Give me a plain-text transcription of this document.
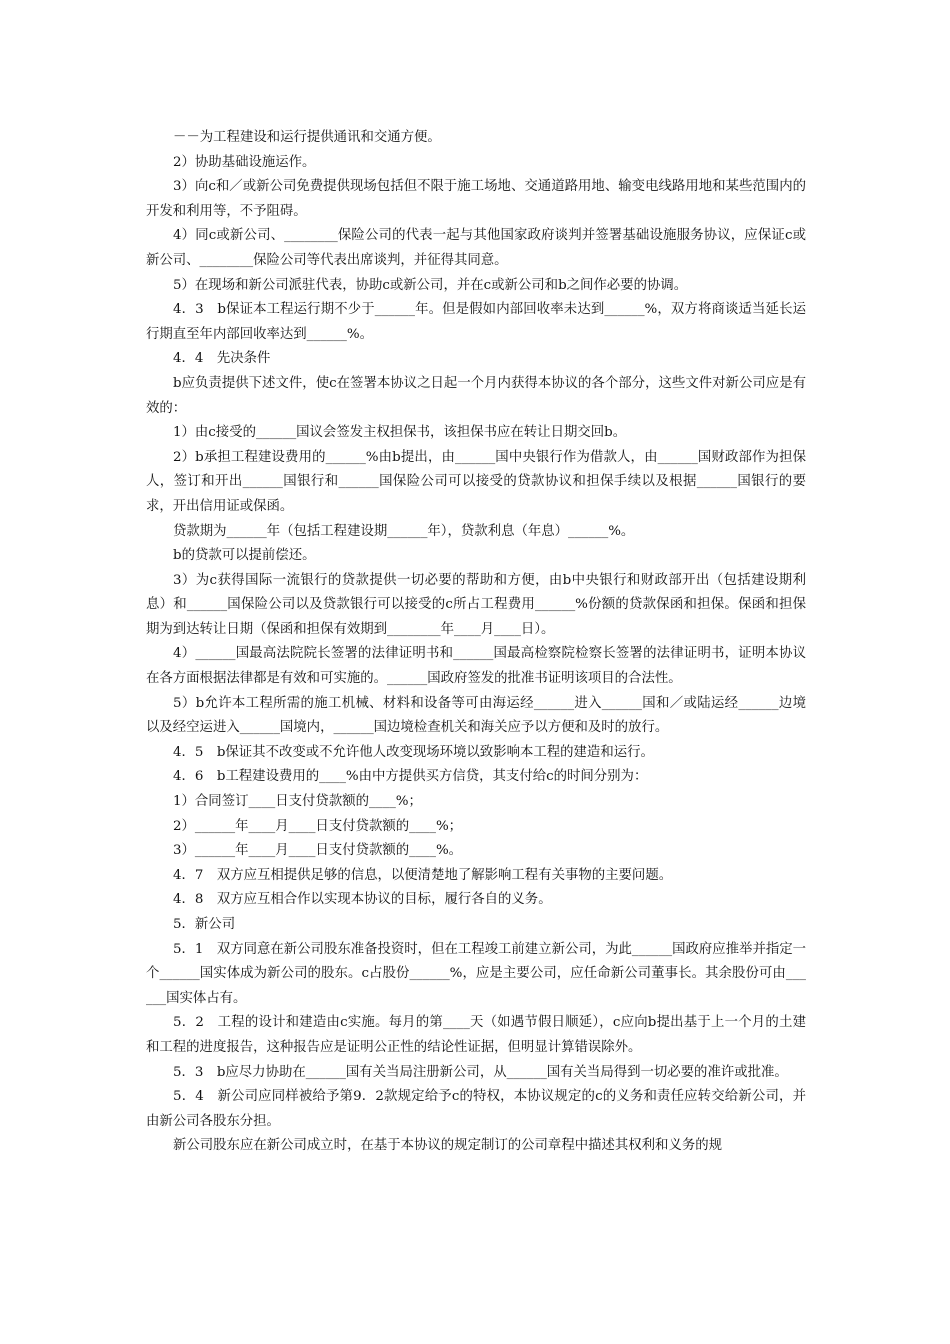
－－为工程建设和运行提供通讯和交通方便。

2）协助基础设施运作。

3）向c和／或新公司免费提供现场包括但不限于施工场地、交通道路用地、输变电线路用地和某些范围内的开发和利用等，不予阻碍。

4）同c或新公司、________保险公司的代表一起与其他国家政府谈判并签署基础设施服务协议，应保证c或新公司、________保险公司等代表出席谈判，并征得其同意。

5）在现场和新公司派驻代表，协助c或新公司，并在c或新公司和b之间作必要的协调。

4．3　b保证本工程运行期不少于______年。但是假如内部回收率未达到______%，双方将商谈适当延长运行期直至年内部回收率达到______%。

4．4　先决条件

b应负责提供下述文件，使c在签署本协议之日起一个月内获得本协议的各个部分，这些文件对新公司应是有效的：

1）由c接受的______国议会签发主权担保书，该担保书应在转让日期交回b。

2）b承担工程建设费用的______%由b提出，由______国中央银行作为借款人，由______国财政部作为担保人，签订和开出______国银行和______国保险公司可以接受的贷款协议和担保手续以及根据______国银行的要求，开出信用证或保函。

贷款期为______年（包括工程建设期______年），贷款利息（年息）______%。

b的贷款可以提前偿还。

3）为c获得国际一流银行的贷款提供一切必要的帮助和方便，由b中央银行和财政部开出（包括建设期利息）和______国保险公司以及贷款银行可以接受的c所占工程费用______%份额的贷款保函和担保。保函和担保期为到达转让日期（保函和担保有效期到________年____月____日）。

4）______国最高法院院长签署的法律证明书和______国最高检察院检察长签署的法律证明书，证明本协议在各方面根据法律都是有效和可实施的。______国政府签发的批准书证明该项目的合法性。

5）b允许本工程所需的施工机械、材料和设备等可由海运经______进入______国和／或陆运经______边境以及经空运进入______国境内，______国边境检查机关和海关应予以方便和及时的放行。

4．5　b保证其不改变或不允许他人改变现场环境以致影响本工程的建造和运行。

4．6　b工程建设费用的____%由中方提供买方信贷，其支付给c的时间分别为：

1）合同签订____日支付贷款额的____%；

2）______年____月____日支付贷款额的____%；

3）______年____月____日支付贷款额的____%。

4．7　双方应互相提供足够的信息，以便清楚地了解影响工程有关事物的主要问题。

4．8　双方应互相合作以实现本协议的目标，履行各自的义务。

5．新公司

5．1　双方同意在新公司股东准备投资时，但在工程竣工前建立新公司，为此______国政府应推举并指定一个______国实体成为新公司的股东。c占股份______%，应是主要公司，应任命新公司董事长。其余股份可由______国实体占有。

5．2　工程的设计和建造由c实施。每月的第____天（如遇节假日顺延），c应向b提出基于上一个月的土建和工程的进度报告，这种报告应是证明公正性的结论性证据，但明显计算错误除外。

5．3　b应尽力协助在______国有关当局注册新公司，从______国有关当局得到一切必要的准许或批准。

5．4　新公司应同样被给予第9．2款规定给予c的特权，本协议规定的c的义务和责任应转交给新公司，并由新公司各股东分担。

新公司股东应在新公司成立时，在基于本协议的规定制订的公司章程中描述其权利和义务的规
